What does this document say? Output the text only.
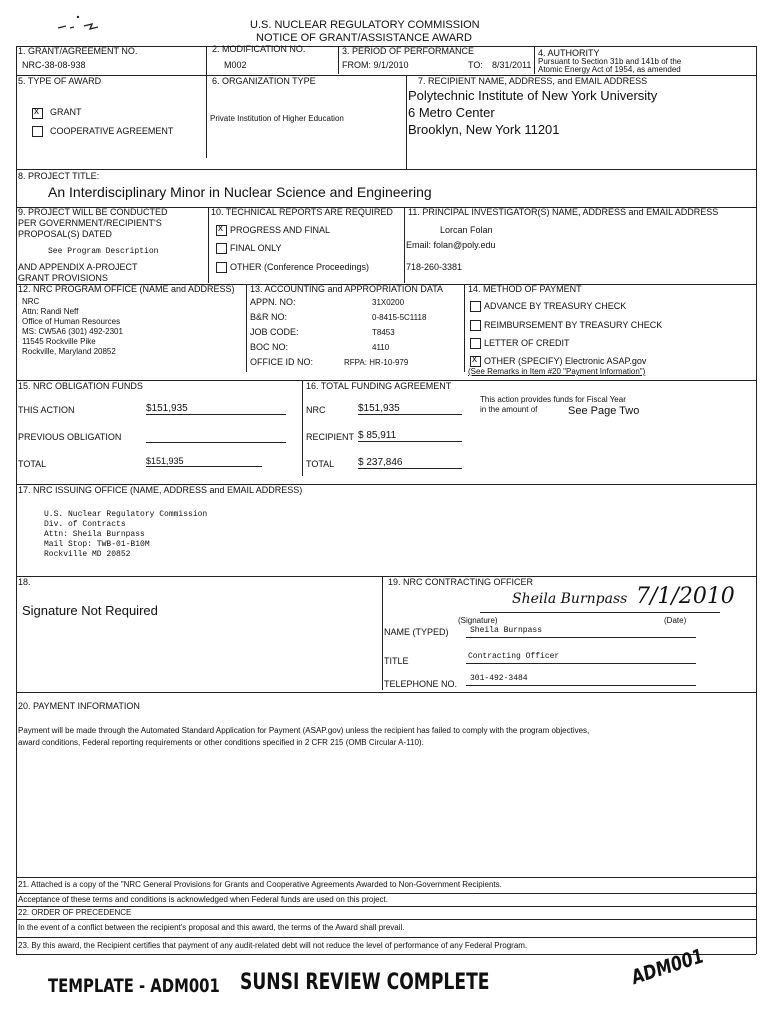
U.S. NUCLEAR REGULATORY COMMISSION
NOTICE OF GRANT/ASSISTANCE AWARD
1. GRANT/AGREEMENT NO.
NRC-38-08-938
2. MODIFICATION NO.
M002
3. PERIOD OF PERFORMANCE
FROM: 9/1/2010	TO: 8/31/2011
4. AUTHORITY
Pursuant to Section 31b and 141b of the
Atomic Energy Act of 1954, as amended
5. TYPE OF AWARD
x
GRANT
COOPERATIVE AGREEMENT
6. ORGANIZATION TYPE
Private Institution of Higher Education
7. RECIPIENT NAME, ADDRESS, and EMAIL ADDRESS
Polytechnic Institute of New York University
6 Metro Center
Brooklyn, New York 11201
8. PROJECT TITLE:
An Interdisciplinary Minor in Nuclear Science and Engineering
9. PROJECT WILL BE CONDUCTED
PER GOVERNMENT/RECIPIENT'S
PROPOSAL(S) DATED
See Program Description
AND APPENDIX A-PROJECT
GRANT PROVISIONS
10. TECHNICAL REPORTS ARE REQUIRED
x
PROGRESS AND FINAL
FINAL ONLY
OTHER (Conference Proceedings)
11. PRINCIPAL INVESTIGATOR(S) NAME, ADDRESS and EMAIL ADDRESS
Lorcan Folan
Email: folan@poly.edu
718-260-3381
12. NRC PROGRAM OFFICE (NAME and ADDRESS)
NRC
Attn: Randi Neff
Office of Human Resources
MS: CW5A6 (301) 492-2301
11545 Rockville Pike
Rockville, Maryland 20852
13. ACCOUNTING and APPROPRIATION DATA
APPN. NO:	31X0200
B&R NO:	0-8415-5C1118
JOB CODE:	T8453
BOC NO:	4110
OFFICE ID NO:	RFPA: HR-10-979
14. METHOD OF PAYMENT
ADVANCE BY TREASURY CHECK
REIMBURSEMENT BY TREASURY CHECK
LETTER OF CREDIT
x
OTHER (SPECIFY) Electronic ASAP.gov
(See Remarks in Item #20 "Payment Information")
15. NRC OBLIGATION FUNDS
THIS ACTION	$151,935
PREVIOUS OBLIGATION
TOTAL	$151,935
16. TOTAL FUNDING AGREEMENT
NRC	$151,935
RECIPIENT $ 85,911
TOTAL $ 237,846
This action provides funds for Fiscal Year
in the amount of	See Page Two
17. NRC ISSUING OFFICE (NAME, ADDRESS and EMAIL ADDRESS)
U.S. Nuclear Regulatory Commission
Div. of Contracts
Attn: Sheila Burnpass
Mail Stop: TWB-01-B10M
Rockville MD 20852
18.
Signature Not Required
19. NRC CONTRACTING OFFICER
Sheila Burnpass 7/1/2010
(Signature)	(Date)
NAME (TYPED)	Sheila Burnpass
TITLE	Contracting Officer
TELEPHONE NO.
301-492-3484
20. PAYMENT INFORMATION
Payment will be made through the Automated Standard Application for Payment (ASAP.gov) unless the recipient has failed to comply with the program objectives,
award conditions, Federal reporting requirements or other conditions specified in 2 CFR 215 (OMB Circular A-110).
21. Attached is a copy of the "NRC General Provisions for Grants and Cooperative Agreements Awarded to Non-Government Recipients.
Acceptance of these terms and conditions is acknowledged when Federal funds are used on this project.
22. ORDER OF PRECEDENCE
In the event of a conflict between the recipient's proposal and this award, the terms of the Award shall prevail.
23. By this award, the Recipient certifies that payment of any audit-related debt will not reduce the level of performance of any Federal Program.
TEMPLATE - ADM001 SUNSI REVIEW COMPLETE	ADM001
